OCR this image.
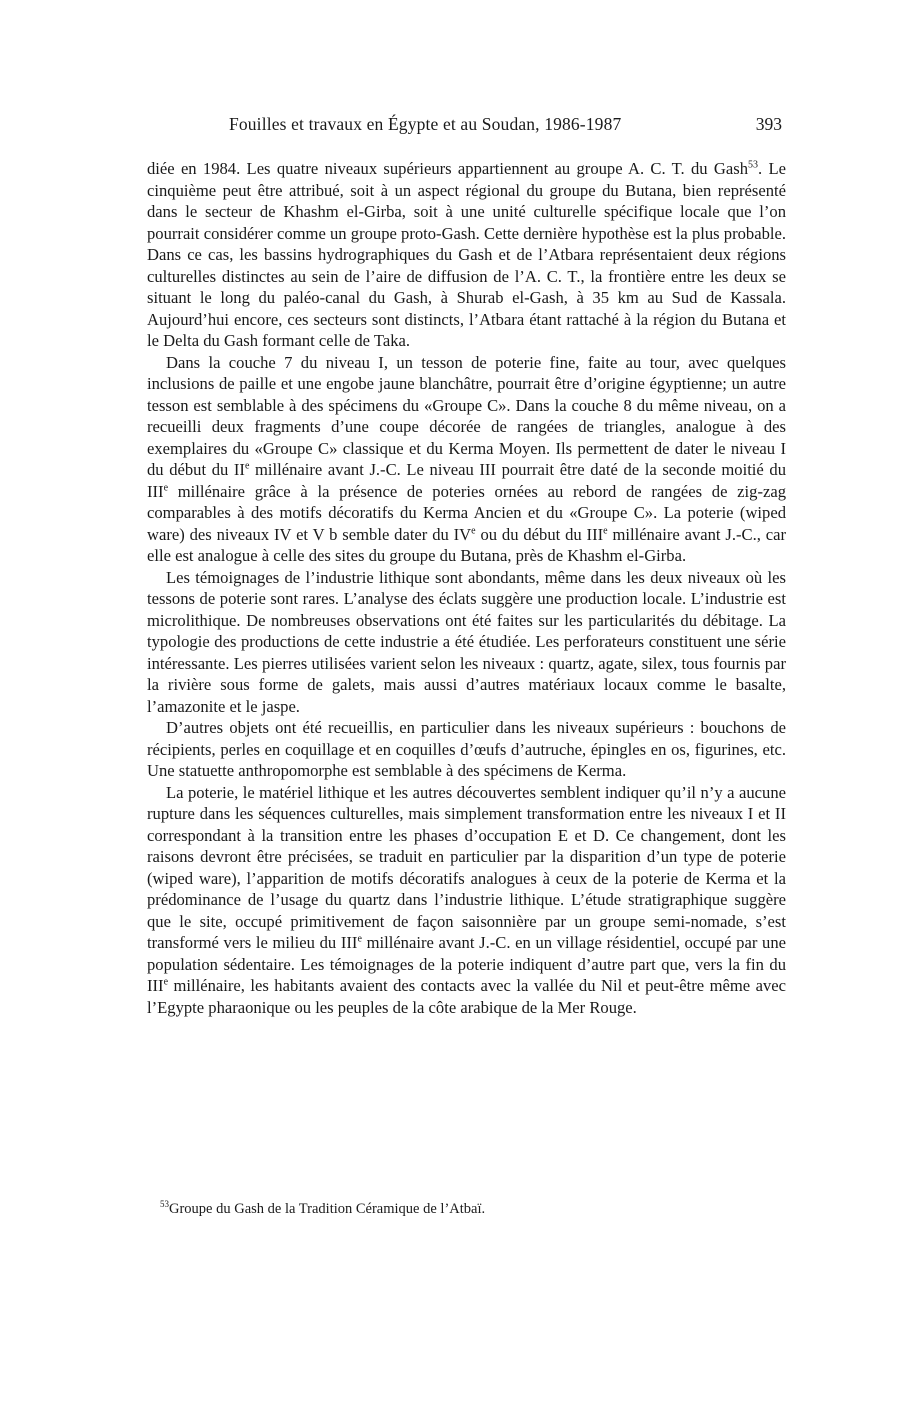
Fouilles et travaux en Égypte et au Soudan, 1986-1987	393

diée en 1984. Les quatre niveaux supérieurs appartiennent au groupe A. C. T. du Gash$^{53}$. Le cinquième peut être attribué, soit à un aspect régional du groupe du Butana, bien représenté dans le secteur de Khashm el-Girba, soit à une unité culturelle spécifique locale que l’on pourrait considérer comme un groupe proto-Gash. Cette dernière hypothèse est la plus probable. Dans ce cas, les bassins hydrographiques du Gash et de l’Atbara représentaient deux régions culturelles distinctes au sein de l’aire de diffusion de l’A. C. T., la frontière entre les deux se situant le long du paléo-canal du Gash, à Shurab el-Gash, à 35 km au Sud de Kassala. Aujourd’hui encore, ces secteurs sont distincts, l’Atbara étant rattaché à la région du Butana et le Delta du Gash formant celle de Taka.

Dans la couche 7 du niveau I, un tesson de poterie fine, faite au tour, avec quelques inclusions de paille et une engobe jaune blanchâtre, pourrait être d’origine égyptienne; un autre tesson est semblable à des spécimens du «Groupe C». Dans la couche 8 du même niveau, on a recueilli deux fragments d’une coupe décorée de rangées de triangles, analogue à des exemplaires du «Groupe C» classique et du Kerma Moyen. Ils permettent de dater le niveau I du début du IIe millénaire avant J.-C. Le niveau III pourrait être daté de la seconde moitié du IIIe millénaire grâce à la présence de poteries ornées au rebord de rangées de zig-zag comparables à des motifs décoratifs du Kerma Ancien et du «Groupe C». La poterie (wiped ware) des niveaux IV et V b semble dater du IVe ou du début du IIIe millénaire avant J.-C., car elle est analogue à celle des sites du groupe du Butana, près de Khashm el-Girba.

Les témoignages de l’industrie lithique sont abondants, même dans les deux niveaux où les tessons de poterie sont rares. L’analyse des éclats suggère une production locale. L’industrie est microlithique. De nombreuses observations ont été faites sur les particularités du débitage. La typologie des productions de cette industrie a été étudiée. Les perforateurs constituent une série intéressante. Les pierres utilisées varient selon les niveaux : quartz, agate, silex, tous fournis par la rivière sous forme de galets, mais aussi d’autres matériaux locaux comme le basalte, l’amazonite et le jaspe.

D’autres objets ont été recueillis, en particulier dans les niveaux supérieurs : bouchons de récipients, perles en coquillage et en coquilles d’œufs d’autruche, épingles en os, figurines, etc. Une statuette anthropomorphe est semblable à des spécimens de Kerma.

La poterie, le matériel lithique et les autres découvertes semblent indiquer qu’il n’y a aucune rupture dans les séquences culturelles, mais simplement transformation entre les niveaux I et II correspondant à la transition entre les phases d’occupation E et D. Ce changement, dont les raisons devront être précisées, se traduit en particulier par la disparition d’un type de poterie (wiped ware), l’apparition de motifs décoratifs analogues à ceux de la poterie de Kerma et la prédominance de l’usage du quartz dans l’industrie lithique. L’étude stratigraphique suggère que le site, occupé primitivement de façon saisonnière par un groupe semi-nomade, s’est transformé vers le milieu du IIIe millénaire avant J.-C. en un village résidentiel, occupé par une population sédentaire. Les témoignages de la poterie indiquent d’autre part que, vers la fin du IIIe millénaire, les habitants avaient des contacts avec la vallée du Nil et peut-être même avec l’Egypte pharaonique ou les peuples de la côte arabique de la Mer Rouge.

$^{53}$Groupe du Gash de la Tradition Céramique de l’Atbaï.
